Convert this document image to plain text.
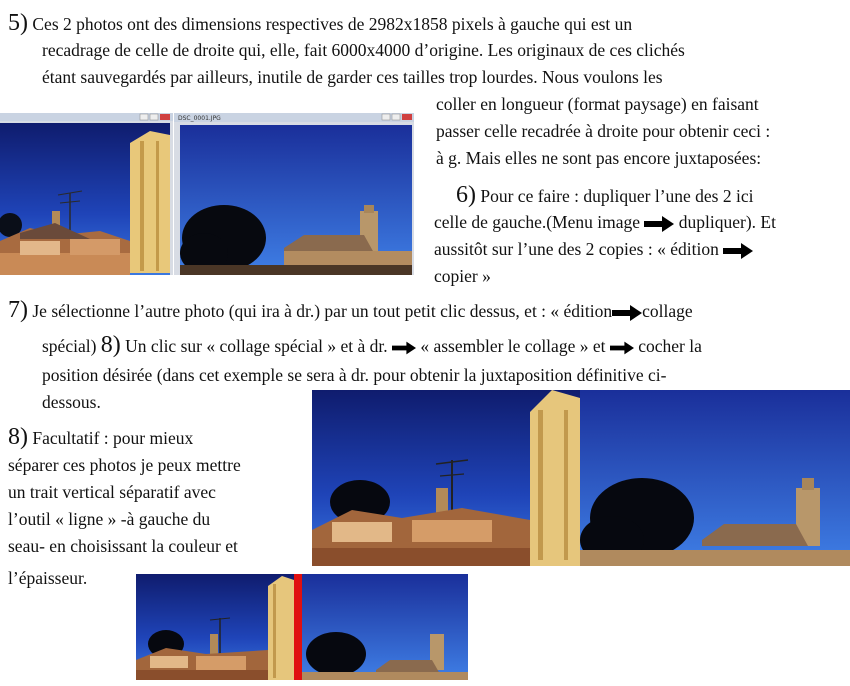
5) Ces 2 photos ont des dimensions respectives de 2982x1858 pixels à gauche qui est un
recadrage de celle de droite qui, elle, fait 6000x4000 d’origine. Les originaux de ces clichés
étant sauvegardés par ailleurs, inutile de garder ces tailles trop lourdes. Nous voulons les
coller en longueur (format paysage) en faisant
passer celle recadrée à droite pour obtenir ceci :
à g. Mais elles ne sont pas encore juxtaposées:
DSC_0001.JPG
6) Pour ce faire : dupliquer l’une des 2 ici
celle de gauche.(Menu image dupliquer). Et
aussitôt sur l’une des 2 copies : « édition
copier »
7) Je sélectionne l’autre photo (qui ira à dr.) par un tout petit clic dessus, et : « édition collage
spécial) 8) Un clic sur « collage spécial » et à dr. « assembler le collage » et cocher la
position désirée (dans cet exemple se sera à dr. pour obtenir la juxtaposition définitive ci-
dessous.
8) Facultatif : pour mieux
séparer ces photos je peux mettre
un trait vertical séparatif avec
l’outil « ligne » -à gauche du
seau- en choisissant la couleur et
l’épaisseur.
